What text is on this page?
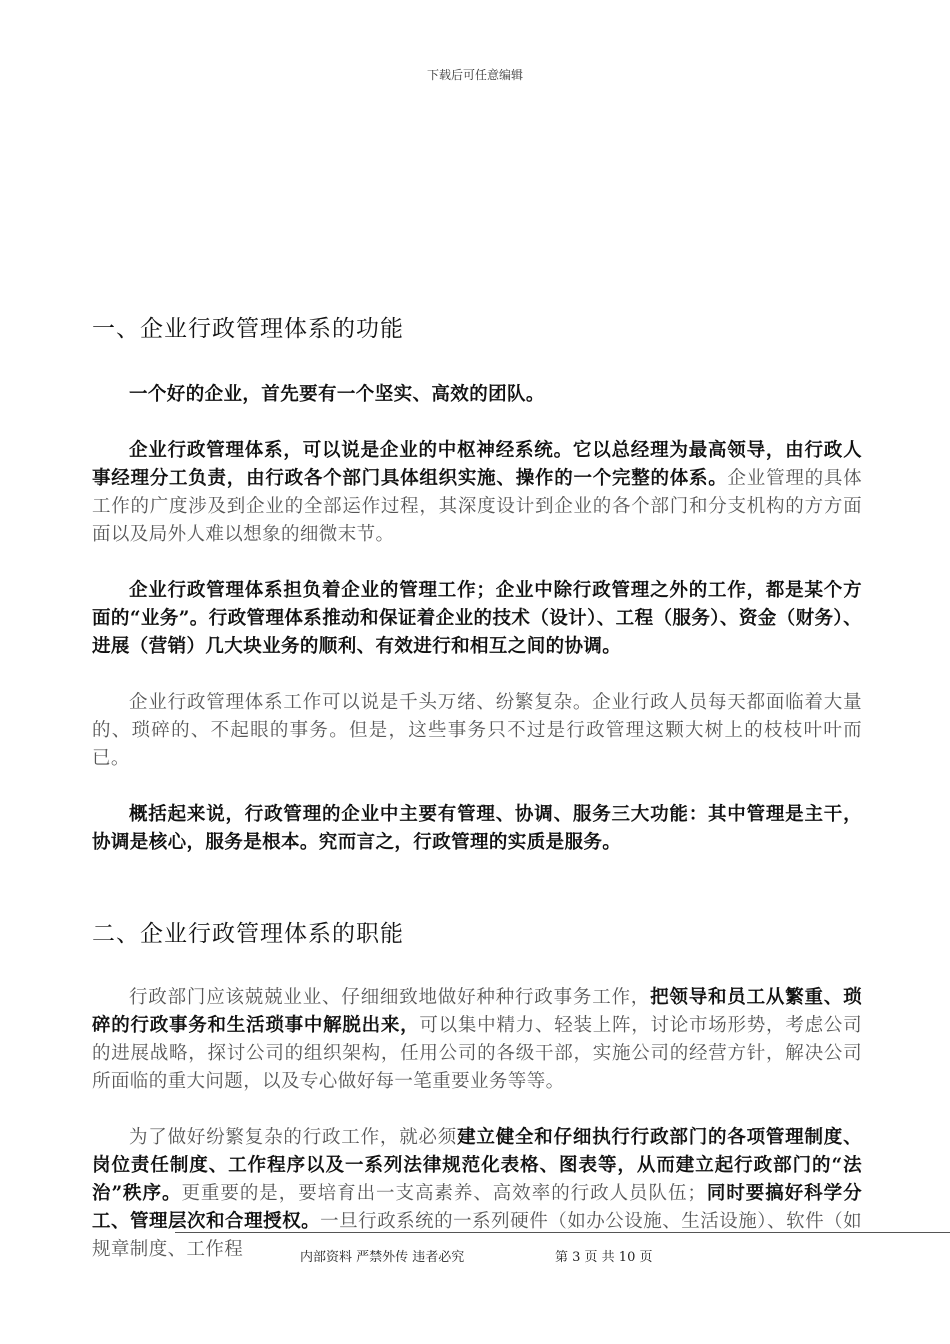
下载后可任意编辑
一、企业行政管理体系的功能

一个好的企业，首先要有一个坚实、高效的团队。

企业行政管理体系，可以说是企业的中枢神经系统。它以总经理为最高领导，由行政人事经理分工负责，由行政各个部门具体组织实施、操作的一个完整的体系。企业管理的具体工作的广度涉及到企业的全部运作过程，其深度设计到企业的各个部门和分支机构的方方面面以及局外人难以想象的细微末节。

企业行政管理体系担负着企业的管理工作；企业中除行政管理之外的工作，都是某个方面的“业务”。行政管理体系推动和保证着企业的技术（设计）、工程（服务）、资金（财务）、进展（营销）几大块业务的顺利、有效进行和相互之间的协调。

企业行政管理体系工作可以说是千头万绪、纷繁复杂。企业行政人员每天都面临着大量的、琐碎的、不起眼的事务。但是，这些事务只不过是行政管理这颗大树上的枝枝叶叶而已。

概括起来说，行政管理的企业中主要有管理、协调、服务三大功能：其中管理是主干，协调是核心，服务是根本。究而言之，行政管理的实质是服务。

二、企业行政管理体系的职能

行政部门应该兢兢业业、仔细细致地做好种种行政事务工作，把领导和员工从繁重、琐碎的行政事务和生活琐事中解脱出来，可以集中精力、轻装上阵，讨论市场形势，考虑公司的进展战略，探讨公司的组织架构，任用公司的各级干部，实施公司的经营方针，解决公司所面临的重大问题，以及专心做好每一笔重要业务等等。

为了做好纷繁复杂的行政工作，就必须建立健全和仔细执行行政部门的各项管理制度、岗位责任制度、工作程序以及一系列法律规范化表格、图表等，从而建立起行政部门的“法治”秩序。更重要的是，要培育出一支高素养、高效率的行政人员队伍；同时要搞好科学分工、管理层次和合理授权。一旦行政系统的一系列硬件（如办公设施、生活设施）、软件（如规章制度、工作程	内部资料 严禁外传 违者必究	第 3 页 共 10 页
